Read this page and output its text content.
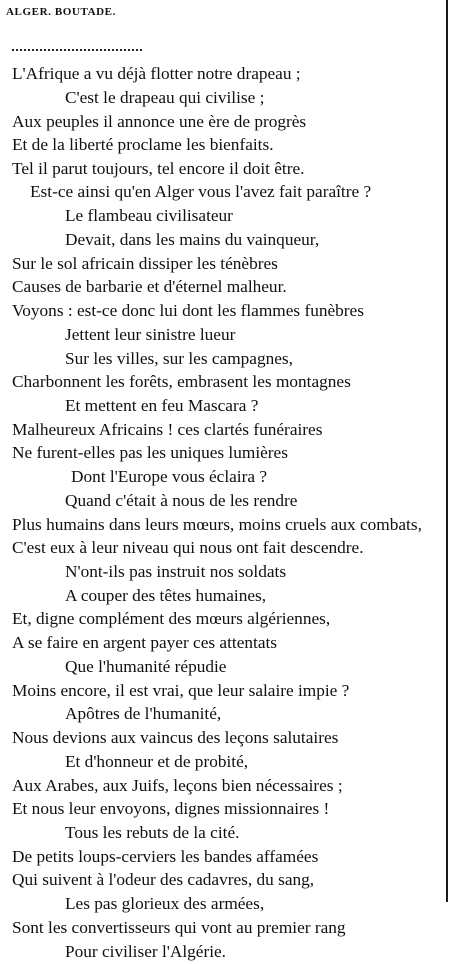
ALGER. BOUTADE.
L'Afrique a vu déjà flotter notre drapeau ;
C'est le drapeau qui civilise ;
Aux peuples il annonce une ère de progrès
Et de la liberté proclame les bienfaits.
Tel il parut toujours, tel encore il doit être.
Est-ce ainsi qu'en Alger vous l'avez fait paraître ?
Le flambeau civilisateur
Devait, dans les mains du vainqueur,
Sur le sol africain dissiper les ténèbres
Causes de barbarie et d'éternel malheur.
Voyons : est-ce donc lui dont les flammes funèbres
Jettent leur sinistre lueur
Sur les villes, sur les campagnes,
Charbonnent les forêts, embrasent les montagnes
Et mettent en feu Mascara ?
Malheureux Africains ! ces clartés funéraires
Ne furent-elles pas les uniques lumières
Dont l'Europe vous éclaira ?
Quand c'était à nous de les rendre
Plus humains dans leurs mœurs, moins cruels aux combats,
C'est eux à leur niveau qui nous ont fait descendre.
N'ont-ils pas instruit nos soldats
A couper des têtes humaines,
Et, digne complément des mœurs algériennes,
A se faire en argent payer ces attentats
Que l'humanité répudie
Moins encore, il est vrai, que leur salaire impie ?
Apôtres de l'humanité,
Nous devions aux vaincus des leçons salutaires
Et d'honneur et de probité,
Aux Arabes, aux Juifs, leçons bien nécessaires ;
Et nous leur envoyons, dignes missionnaires !
Tous les rebuts de la cité.
De petits loups-cerviers les bandes affamées
Qui suivent à l'odeur des cadavres, du sang,
Les pas glorieux des armées,
Sont les convertisseurs qui vont au premier rang
Pour civiliser l'Algérie.
